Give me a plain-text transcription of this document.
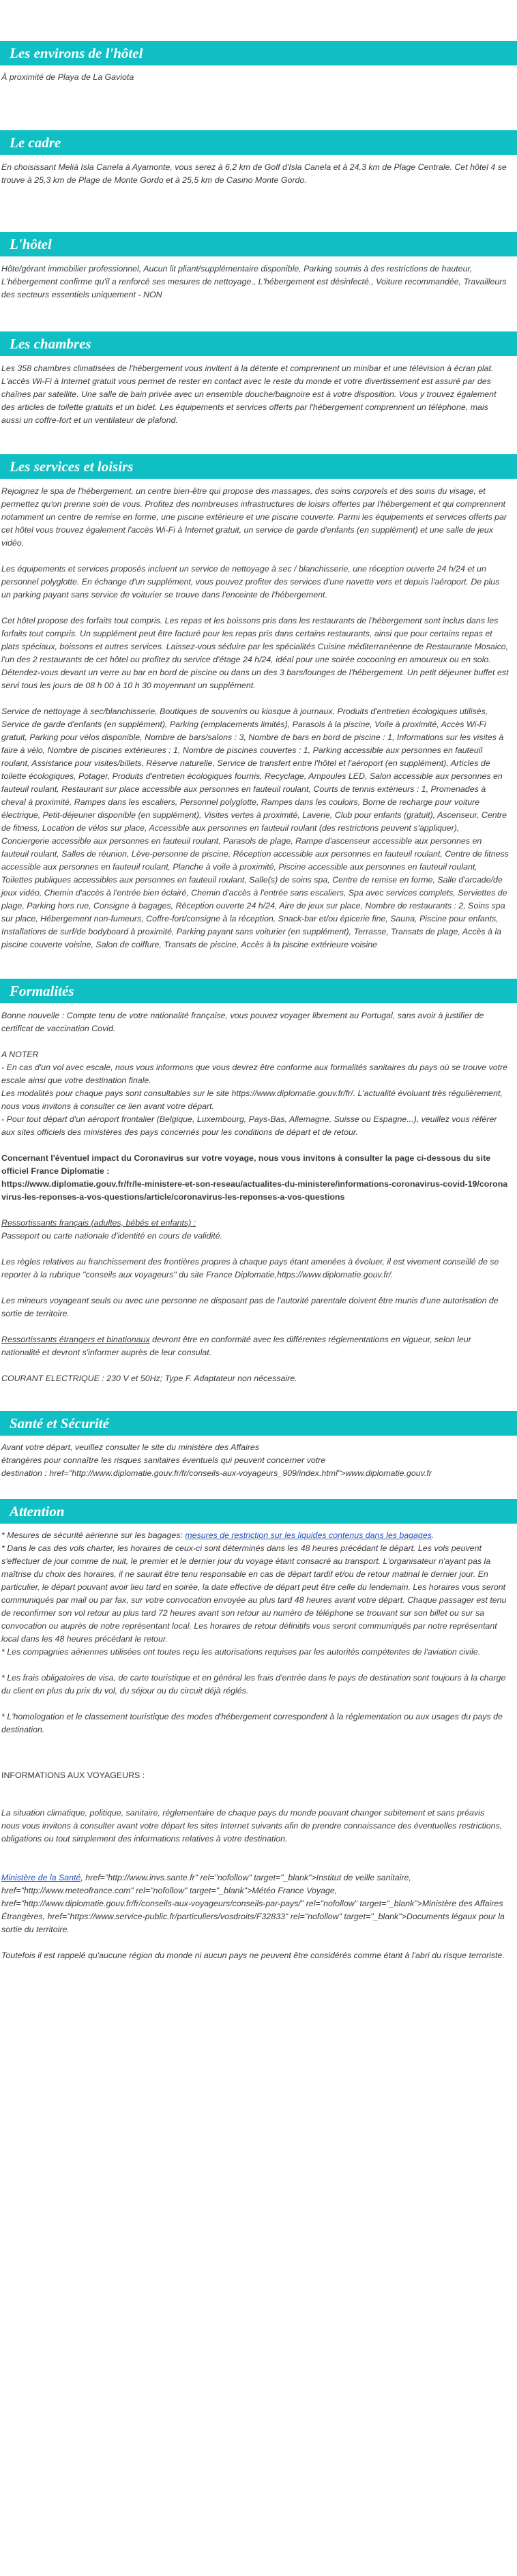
Les environs de l'hôtel

À proximité de Playa de La Gaviota

Le cadre

En choisissant Meliá Isla Canela à Ayamonte, vous serez à 6,2 km de Golf d'Isla Canela et à 24,3 km de Plage Centrale. Cet hôtel 4 se trouve à 25,3 km de Plage de Monte Gordo et à 25,5 km de Casino Monte Gordo.

L'hôtel

Hôte/gérant immobilier professionnel, Aucun lit pliant/supplémentaire disponible, Parking soumis à des restrictions de hauteur, L'hébergement confirme qu'il a renforcé ses mesures de nettoyage., L'hébergement est désinfecté., Voiture recommandée, Travailleurs des secteurs essentiels uniquement - NON

Les chambres

Les 358 chambres climatisées de l'hébergement vous invitent à la détente et comprennent un minibar et une télévision à écran plat. L'accès Wi-Fi à Internet gratuit vous permet de rester en contact avec le reste du monde et votre divertissement est assuré par des chaînes par satellite. Une salle de bain privée avec un ensemble douche/baignoire est à votre disposition. Vous y trouvez également des articles de toilette gratuits et un bidet. Les équipements et services offerts par l'hébergement comprennent un téléphone, mais aussi un coffre-fort et un ventilateur de plafond.

Les services et loisirs

Rejoignez le spa de l'hébergement, un centre bien-être qui propose des massages, des soins corporels et des soins du visage, et permettez qu'on prenne soin de vous. Profitez des nombreuses infrastructures de loisirs offertes par l'hébergement et qui comprennent notamment un centre de remise en forme, une piscine extérieure et une piscine couverte. Parmi les équipements et services offerts par cet hôtel vous trouvez également l'accès Wi-Fi à Internet gratuit, un service de garde d'enfants (en supplément) et une salle de jeux vidéo.

Les équipements et services proposés incluent un service de nettoyage à sec / blanchisserie, une réception ouverte 24 h/24 et un personnel polyglotte. En échange d'un supplément, vous pouvez profiter des services d'une navette vers et depuis l'aéroport. De plus un parking payant sans service de voiturier se trouve dans l'enceinte de l'hébergement.

Cet hôtel propose des forfaits tout compris. Les repas et les boissons pris dans les restaurants de l'hébergement sont inclus dans les forfaits tout compris. Un supplément peut être facturé pour les repas pris dans certains restaurants, ainsi que pour certains repas et plats spéciaux, boissons et autres services. Laissez-vous séduire par les spécialités Cuisine méditerranéenne de Restaurante Mosaico, l'un des 2 restaurants de cet hôtel ou profitez du service d'étage 24 h/24, idéal pour une soirée cocooning en amoureux ou en solo. Détendez-vous devant un verre au bar en bord de piscine ou dans un des 3 bars/lounges de l'hébergement. Un petit déjeuner buffet est servi tous les jours de 08 h 00 à 10 h 30 moyennant un supplément.

Service de nettoyage à sec/blanchisserie, Boutiques de souvenirs ou kiosque à journaux, Produits d'entretien écologiques utilisés, Service de garde d'enfants (en supplément), Parking (emplacements limités), Parasols à la piscine, Voile à proximité, Accès Wi-Fi gratuit, Parking pour vélos disponible, Nombre de bars/salons : 3, Nombre de bars en bord de piscine : 1, Informations sur les visites à faire à vélo, Nombre de piscines extérieures : 1, Nombre de piscines couvertes : 1, Parking accessible aux personnes en fauteuil roulant, Assistance pour visites/billets, Réserve naturelle, Service de transfert entre l'hôtel et l'aéroport (en supplément), Articles de toilette écologiques, Potager, Produits d'entretien écologiques fournis, Recyclage, Ampoules LED, Salon accessible aux personnes en fauteuil roulant, Restaurant sur place accessible aux personnes en fauteuil roulant, Courts de tennis extérieurs : 1, Promenades à cheval à proximité, Rampes dans les escaliers, Personnel polyglotte, Rampes dans les couloirs, Borne de recharge pour voiture électrique, Petit-déjeuner disponible (en supplément), Visites vertes à proximité, Laverie, Club pour enfants (gratuit), Ascenseur, Centre de fitness, Location de vélos sur place, Accessible aux personnes en fauteuil roulant (des restrictions peuvent s'appliquer), Conciergerie accessible aux personnes en fauteuil roulant, Parasols de plage, Rampe d'ascenseur accessible aux personnes en fauteuil roulant, Salles de réunion, Lève-personne de piscine, Réception accessible aux personnes en fauteuil roulant, Centre de fitness accessible aux personnes en fauteuil roulant, Planche à voile à proximité, Piscine accessible aux personnes en fauteuil roulant, Toilettes publiques accessibles aux personnes en fauteuil roulant, Salle(s) de soins spa, Centre de remise en forme, Salle d'arcade/de jeux vidéo, Chemin d'accès à l'entrée bien éclairé, Chemin d'accès à l'entrée sans escaliers, Spa avec services complets, Serviettes de plage, Parking hors rue, Consigne à bagages, Réception ouverte 24 h/24, Aire de jeux sur place, Nombre de restaurants : 2, Soins spa sur place, Hébergement non-fumeurs, Coffre-fort/consigne à la réception, Snack-bar et/ou épicerie fine, Sauna, Piscine pour enfants, Installations de surf/de bodyboard à proximité, Parking payant sans voiturier (en supplément), Terrasse, Transats de plage, Accès à la piscine couverte voisine, Salon de coiffure, Transats de piscine, Accès à la piscine extérieure voisine

Formalités

Bonne nouvelle : Compte tenu de votre nationalité française, vous pouvez voyager librement au Portugal, sans avoir à justifier de certificat de vaccination Covid.

A NOTER

- En cas d'un vol avec escale, nous vous informons que vous devrez être conforme aux formalités sanitaires du pays où se trouve votre escale ainsi que votre destination finale.

Les modalités pour chaque pays sont consultables sur le site https://www.diplomatie.gouv.fr/fr/. L'actualité évoluant très régulièrement, nous vous invitons à consulter ce lien avant votre départ.

- Pour tout départ d'un aéroport frontalier (Belgique, Luxembourg, Pays-Bas, Allemagne, Suisse ou Espagne...), veuillez vous référer aux sites officiels des ministères des pays concernés pour les conditions de départ et de retour.

Concernant l'éventuel impact du Coronavirus sur votre voyage, nous vous invitons à consulter la page ci-dessous du site officiel France Diplomatie :

https://www.diplomatie.gouv.fr/fr/le-ministere-et-son-reseau/actualites-du-ministere/informations-coronavirus-covid-19/coronavirus-les-reponses-a-vos-questions/article/coronavirus-les-reponses-a-vos-questions

Ressortissants français (adultes, bébés et enfants) :

Passeport ou carte nationale d'identité en cours de validité.

Les règles relatives au franchissement des frontières propres à chaque pays étant amenées à évoluer, il est vivement conseillé de se reporter à la rubrique "conseils aux voyageurs" du site France Diplomatie,https://www.diplomatie.gouv.fr/.

Les mineurs voyageant seuls ou avec une personne ne disposant pas de l'autorité parentale doivent être munis d'une autorisation de sortie de territoire.

Ressortissants étrangers et binationaux devront être en conformité avec les différentes réglementations en vigueur, selon leur nationalité et devront s'informer auprès de leur consulat.

COURANT ELECTRIQUE : 230 V et 50Hz; Type F. Adaptateur non nécessaire.

Santé et Sécurité

Avant votre départ, veuillez consulter le site du ministère des Affaires

étrangères pour connaître les risques sanitaires éventuels qui peuvent concerner votre

destination : href="http://www.diplomatie.gouv.fr/fr/conseils-aux-voyageurs_909/index.html">www.diplomatie.gouv.fr

Attention

* Mesures de sécurité aérienne sur les bagages: mesures de restriction sur les liquides contenus dans les bagages.

* Dans le cas des vols charter, les horaires de ceux-ci sont déterminés dans les 48 heures précédant le départ. Les vols peuvent s'effectuer de jour comme de nuit, le premier et le dernier jour du voyage étant consacré au transport. L'organisateur n'ayant pas la maîtrise du choix des horaires, il ne saurait être tenu responsable en cas de départ tardif et/ou de retour matinal le dernier jour. En particulier, le départ pouvant avoir lieu tard en soirée, la date effective de départ peut être celle du lendemain. Les horaires vous seront communiqués par mail ou par fax, sur votre convocation envoyée au plus tard 48 heures avant votre départ. Chaque passager est tenu de reconfirmer son vol retour au plus tard 72 heures avant son retour au numéro de téléphone se trouvant sur son billet ou sur sa convocation ou auprès de notre représentant local. Les horaires de retour définitifs vous seront communiqués par notre représentant local dans les 48 heures précédant le retour.

* Les compagnies aériennes utilisées ont toutes reçu les autorisations requises par les autorités compétentes de l'aviation civile.

* Les frais obligatoires de visa, de carte touristique et en général les frais d'entrée dans le pays de destination sont toujours à la charge du client en plus du prix du vol, du séjour ou du circuit déjà réglés.

* L'homologation et le classement touristique des modes d'hébergement correspondent à la réglementation ou aux usages du pays de destination.

INFORMATIONS AUX VOYAGEURS :

La situation climatique, politique, sanitaire, réglementaire de chaque pays du monde pouvant changer subitement et sans préavis

nous vous invitons à consulter avant votre départ les sites Internet suivants afin de prendre connaissance des éventuelles restrictions, obligations ou tout simplement des informations relatives à votre destination.

Ministère de la Santé, href="http://www.invs.sante.fr" rel="nofollow" target="_blank">Institut de veille sanitaire, href="http://www.meteofrance.com" rel="nofollow" target="_blank">Météo France Voyage, href="http://www.diplomatie.gouv.fr/fr/conseils-aux-voyageurs/conseils-par-pays/" rel="nofollow" target="_blank">Ministère des Affaires Étrangères, href="https://www.service-public.fr/particuliers/vosdroits/F32833" rel="nofollow" target="_blank">Documents légaux pour la sortie du territoire.

Toutefois il est rappelé qu'aucune région du monde ni aucun pays ne peuvent être considérés comme étant à l'abri du risque terroriste.
